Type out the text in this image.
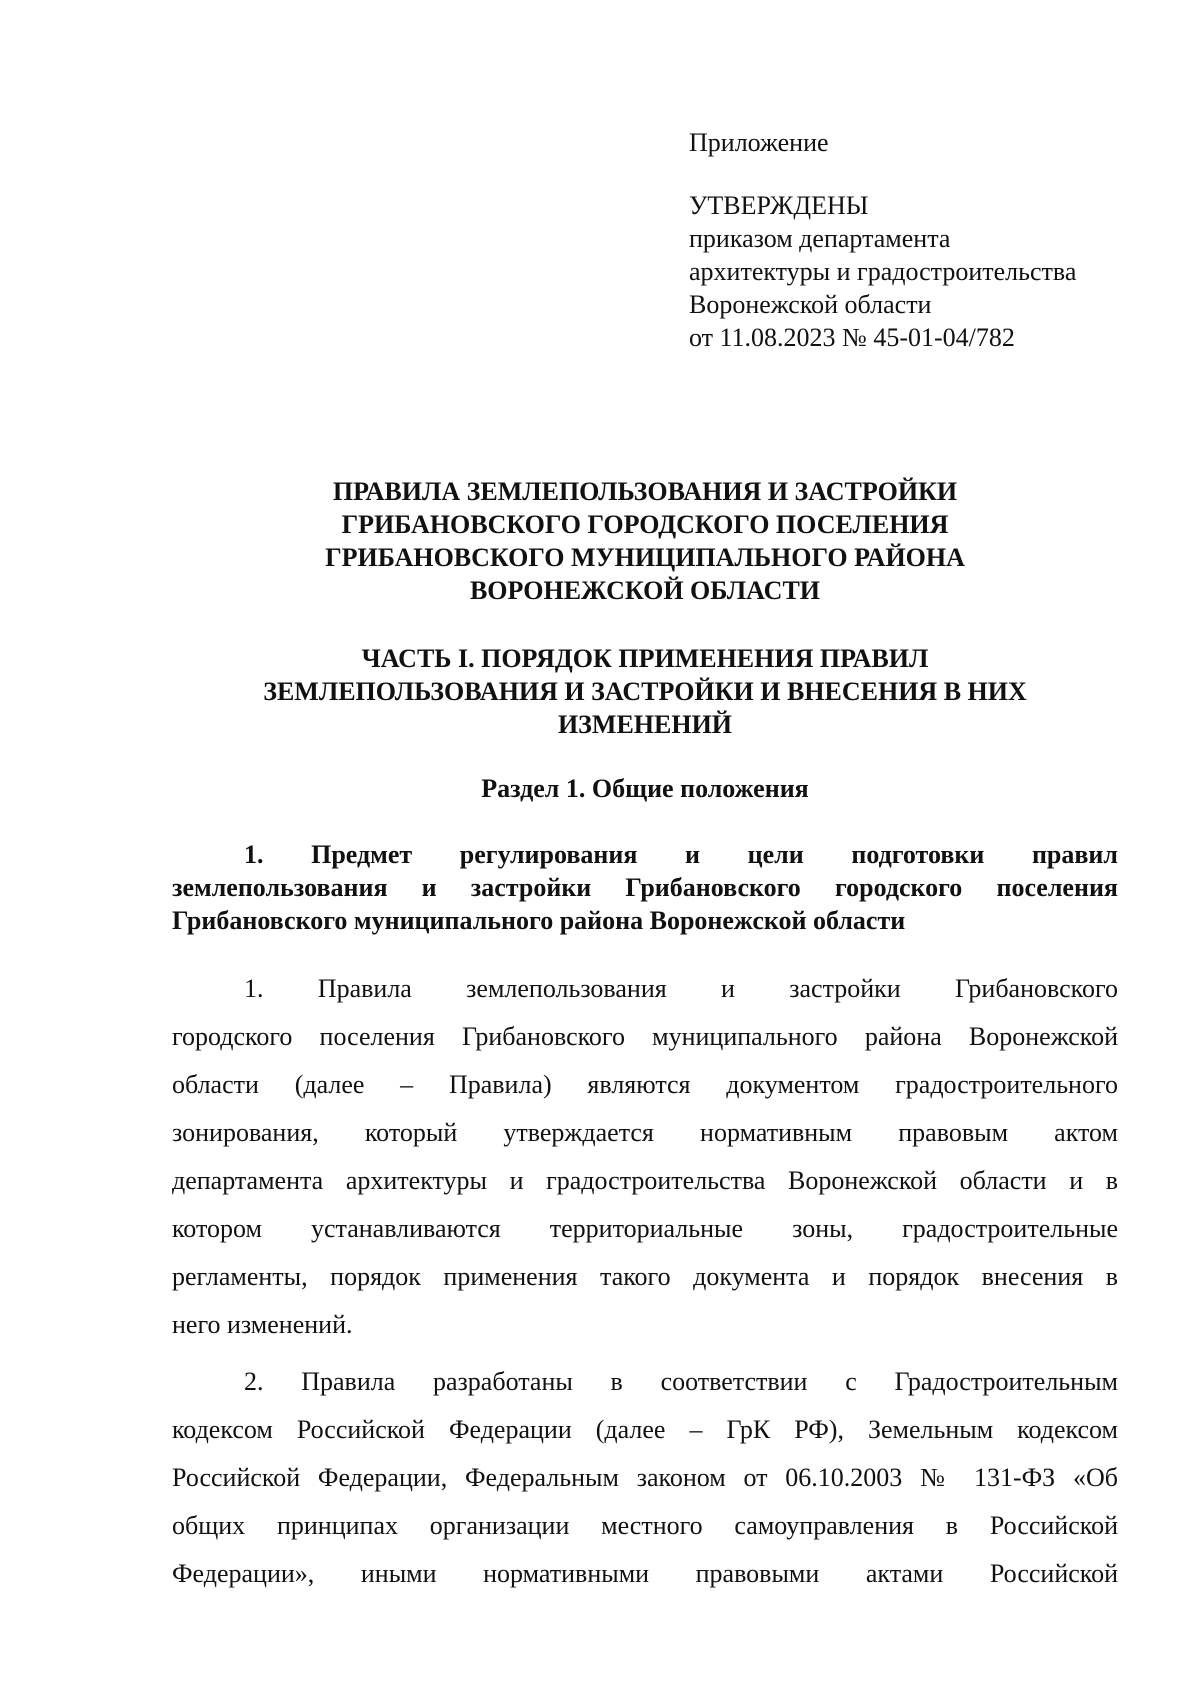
Приложение
УТВЕРЖДЕНЫ
приказом департамента
архитектуры и градостроительства
Воронежской области
от 11.08.2023 № 45-01-04/782
ПРАВИЛА ЗЕМЛЕПОЛЬЗОВАНИЯ И ЗАСТРОЙКИ
ГРИБАНОВСКОГО ГОРОДСКОГО ПОСЕЛЕНИЯ
ГРИБАНОВСКОГО МУНИЦИПАЛЬНОГО РАЙОНА
ВОРОНЕЖСКОЙ ОБЛАСТИ
ЧАСТЬ I. ПОРЯДОК ПРИМЕНЕНИЯ ПРАВИЛ
ЗЕМЛЕПОЛЬЗОВАНИЯ И ЗАСТРОЙКИ И ВНЕСЕНИЯ В НИХ
ИЗМЕНЕНИЙ
Раздел 1. Общие положения
1. Предмет регулирования и цели подготовки правил
землепользования и застройки Грибановского городского поселения
Грибановского муниципального района Воронежской области
1. Правила землепользования и застройки Грибановского
городского поселения Грибановского муниципального района Воронежской
области (далее – Правила) являются документом градостроительного
зонирования, который утверждается нормативным правовым актом
департамента архитектуры и градостроительства Воронежской области и в
котором устанавливаются территориальные зоны, градостроительные
регламенты, порядок применения такого документа и порядок внесения в
него изменений.
2. Правила разработаны в соответствии с Градостроительным
кодексом Российской Федерации (далее – ГрК РФ), Земельным кодексом
Российской Федерации, Федеральным законом от 06.10.2003 № 131-ФЗ «Об
общих принципах организации местного самоуправления в Российской
Федерации», иными нормативными правовыми актами Российской
